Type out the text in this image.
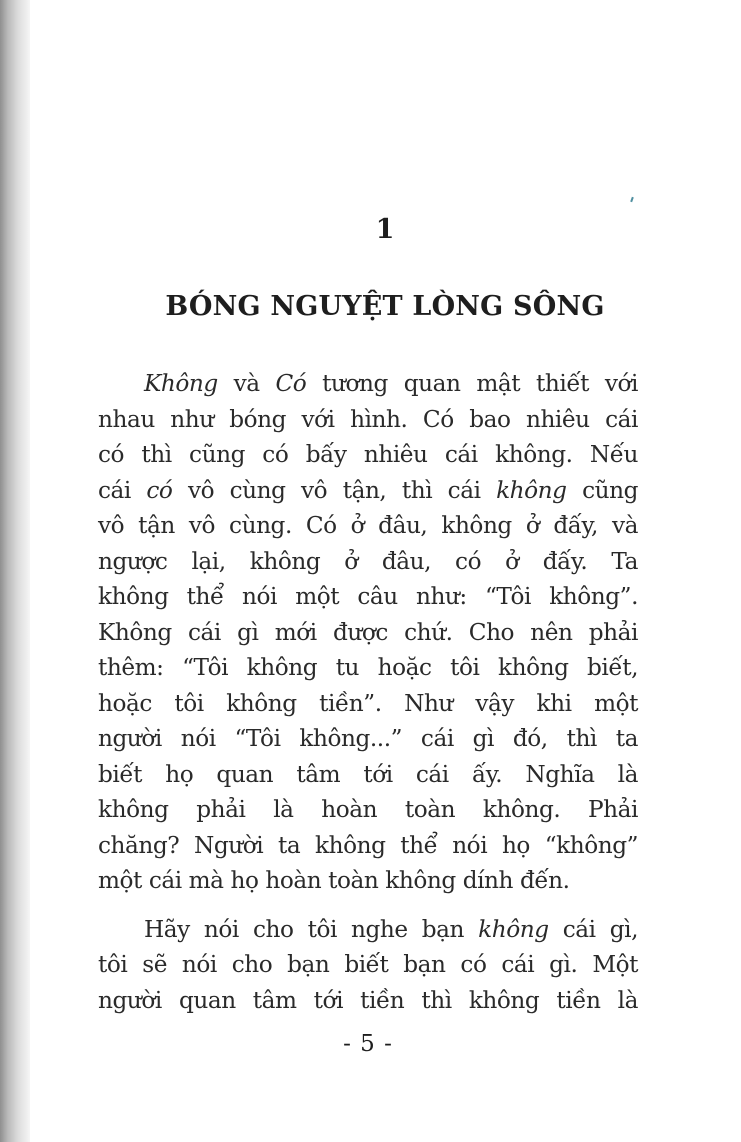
1
BÓNG NGUYỆT LÒNG SÔNG
Không và Có tương quan mật thiết với
nhau như bóng với hình. Có bao nhiêu cái
có thì cũng có bấy nhiêu cái không. Nếu
cái có vô cùng vô tận, thì cái không cũng
vô tận vô cùng. Có ở đâu, không ở đấy, và
ngược lại, không ở đâu, có ở đấy. Ta
không thể nói một câu như: “Tôi không”.
Không cái gì mới được chứ. Cho nên phải
thêm: “Tôi không tu hoặc tôi không biết,
hoặc tôi không tiền”. Như vậy khi một
người nói “Tôi không...” cái gì đó, thì ta
biết họ quan tâm tới cái ấy. Nghĩa là
không phải là hoàn toàn không. Phải
chăng? Người ta không thể nói họ “không”
một cái mà họ hoàn toàn không dính đến.
Hãy nói cho tôi nghe bạn không cái gì,
tôi sẽ nói cho bạn biết bạn có cái gì. Một
người quan tâm tới tiền thì không tiền là
- 5 -
